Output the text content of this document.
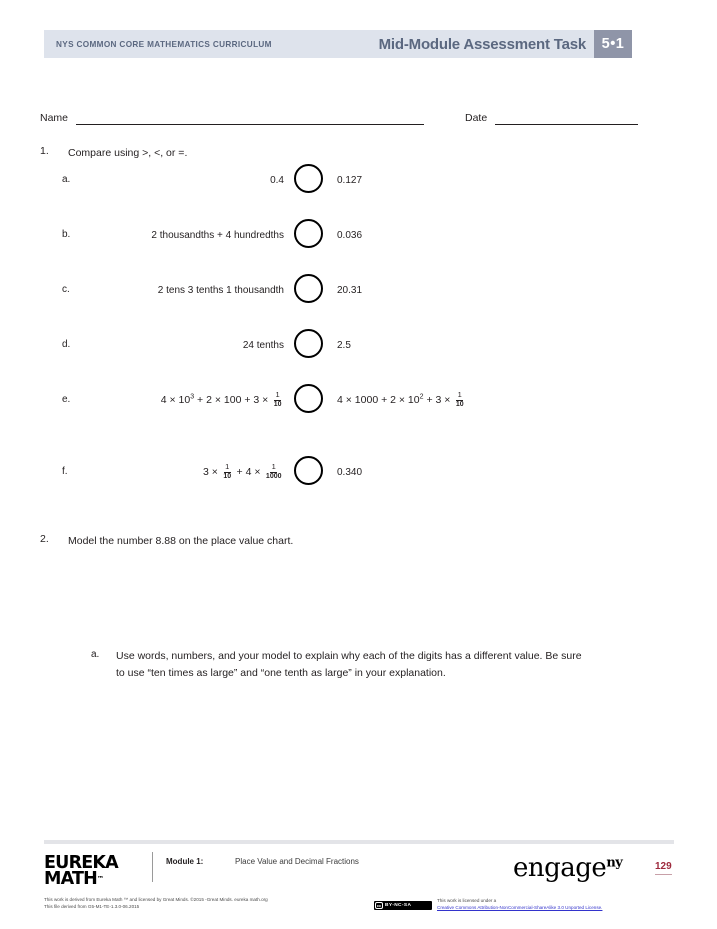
NYS COMMON CORE MATHEMATICS CURRICULUM	Mid-Module Assessment Task	5•1
Name	Date
1. Compare using >, <, or =.
a.	0.4	0.127
b.	2 thousandths + 4 hundredths	0.036
c.	2 tens 3 tenths 1 thousandth	20.31
d.	24 tenths	2.5
e.	$4 \times 10^3 + 2 \times 100 + 3 \times \frac{1}{10}$	$4 \times 1000 + 2 \times 10^2 + 3 \times \frac{1}{10}$
f.	$3 \times \frac{1}{10} + 4 \times \frac{1}{1000}$	0.340
2. Model the number 8.88 on the place value chart.
a. Use words, numbers, and your model to explain why each of the digits has a different value. Be sure
to use “ten times as large” and “one tenth as large” in your explanation.
EUREKA
MATH™
Module 1:	Place Value and Decimal Fractions	engage$^{ny}$	129
This work is derived from Eureka Math ™ and licensed by Great Minds. ©2015 -Great Minds. eureka math.org
This file derived from G5-M1-TE-1.3.0-06.2015	cc BY-NC-SA
This work is licensed under a
Creative Commons Attribution-NonCommercial-ShareAlike 3.0 Unported License.
